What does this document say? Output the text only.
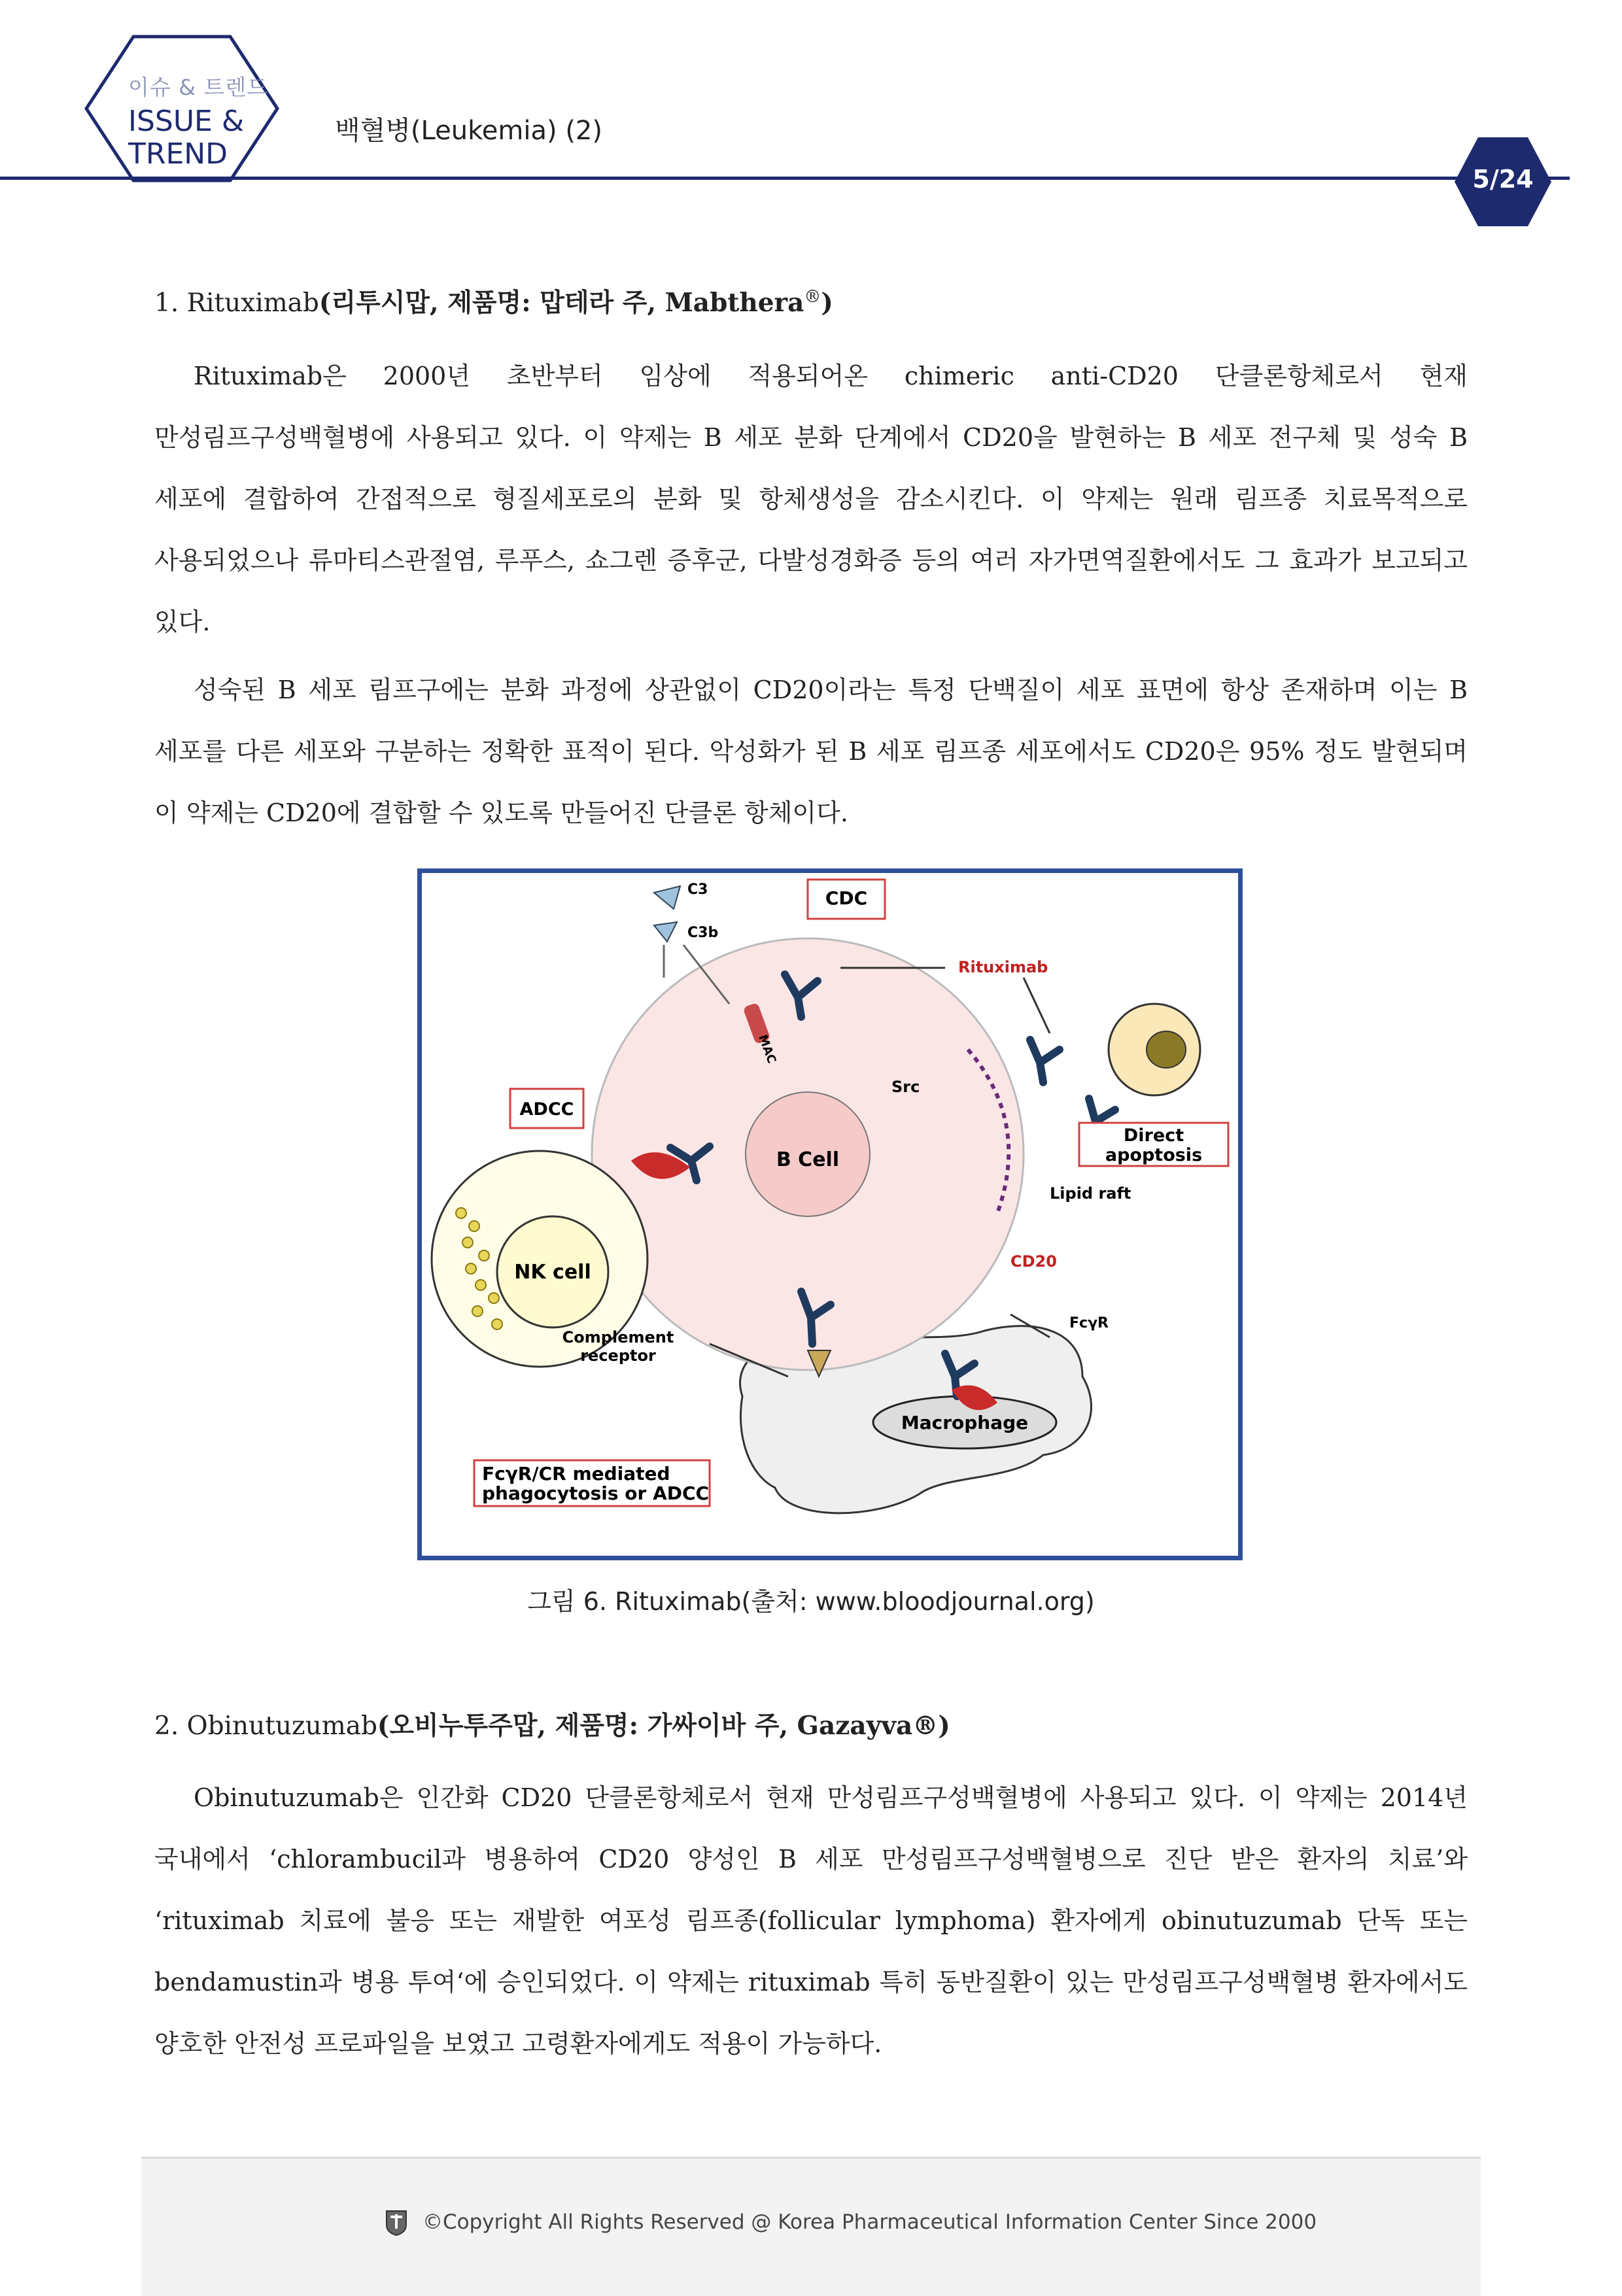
이슈 & 트렌드
ISSUE &
TREND
백혈병(Leukemia) (2)
5/24
1. Rituximab(리투시맙, 제품명: 맙테라 주, Mabthera®)
Rituximab은 2000년 초반부터 임상에 적용되어온 chimeric anti-CD20 단클론항체로서 현재 만성림프구성백혈병에 사용되고 있다. 이 약제는 B 세포 분화 단계에서 CD20을 발현하는 B 세포 전구체 및 성숙 B 세포에 결합하여 간접적으로 형질세포로의 분화 및 항체생성을 감소시킨다. 이 약제는 원래 림프종 치료목적으로 사용되었으나 류마티스관절염, 루푸스, 쇼그렌 증후군, 다발성경화증 등의 여러 자가면역질환에서도 그 효과가 보고되고 있다.
성숙된 B 세포 림프구에는 분화 과정에 상관없이 CD20이라는 특정 단백질이 세포 표면에 항상 존재하며 이는 B 세포를 다른 세포와 구분하는 정확한 표적이 된다. 악성화가 된 B 세포 림프종 세포에서도 CD20은 95% 정도 발현되며 이 약제는 CD20에 결합할 수 있도록 만들어진 단클론 항체이다.
C3
C3b
CDC
Rituximab
MAC
Src
ADCC
B Cell
Direct
apoptosis
Lipid raft
NK cell	CD20
FcγR
Complement
receptor
Macrophage
FcγR/CR mediated
phagocytosis or ADCC
그림 6. Rituximab(출처: www.bloodjournal.org)
2. Obinutuzumab(오비누투주맙, 제품명: 가싸이바 주, Gazayva®)
Obinutuzumab은 인간화 CD20 단클론항체로서 현재 만성림프구성백혈병에 사용되고 있다. 이 약제는 2014년 국내에서 ‘chlorambucil과 병용하여 CD20 양성인 B 세포 만성림프구성백혈병으로 진단 받은 환자의 치료’와 ‘rituximab 치료에 불응 또는 재발한 여포성 림프종(follicular lymphoma) 환자에게 obinutuzumab 단독 또는 bendamustin과 병용 투여‘에 승인되었다. 이 약제는 rituximab 특히 동반질환이 있는 만성림프구성백혈병 환자에서도 양호한 안전성 프로파일을 보였고 고령환자에게도 적용이 가능하다.
©Copyright All Rights Reserved @ Korea Pharmaceutical Information Center Since 2000
